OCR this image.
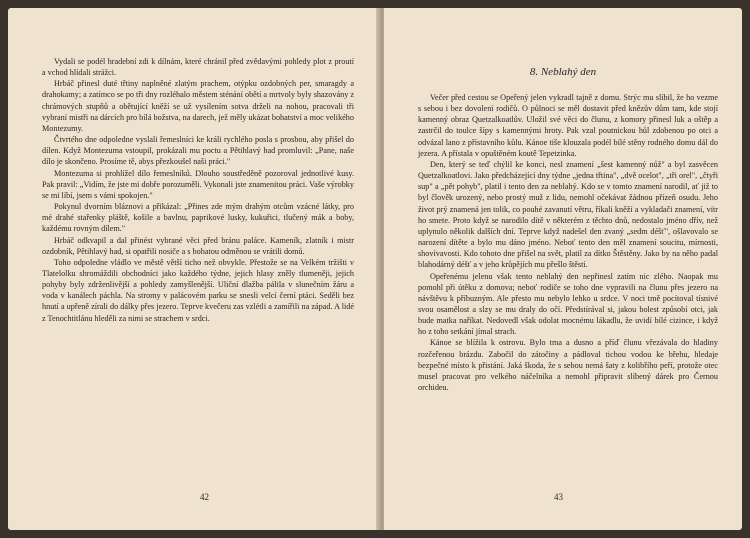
Vydali se podél hradební zdi k dílnám, které chránil před zvědavými pohledy plot z proutí a vchod hlídali strážci.

Hrbáč přinesl duté třtiny naplněné zlatým prachem, otýpku ozdobných per, smaragdy a drahokamy; a zatímco se po tři dny rozléhalo městem sténání obětí a mrtvoly byly shazovány z chrámových stupňů a obětující kněží se už vysílením sotva drželi na nohou, pracovali tři vybraní mistři na dárcích pro bílá božstva, na darech, jež měly ukázat bohatství a moc velikého Montezumy.

Čtvrtého dne odpoledne vyslali řemeslníci ke králi rychlého posla s prosbou, aby přišel do dílen. Když Montezuma vstoupil, prokázali mu poctu a Pětihlavý had promluvil: „Pane, naše dílo je skončeno. Prosíme tě, abys přezkoušel naši práci."

Montezuma si prohlížel dílo řemeslníků. Dlouho soustředěně pozoroval jednotlivé kusy. Pak pravil: „Vidím, že jste mi dobře porozuměli. Vykonali jste znamenitou práci. Vaše výrobky se mi líbí, jsem s vámi spokojen."

Pokynul dvorním bláznovi a přikázal: „Přines zde mým drahým otcům vzácné látky, pro mé drahé stařenky pláště, košile a bavlnu, paprikové lusky, kukuřici, tlučený mák a boby, každému rovným dílem."

Hrbáč odkvapil a dal přinést vybrané věci před bránu paláce. Kameník, zlatník i mistr ozdobník, Pětihlavý had, si opatřili nosiče a s bohatou odměnou se vrátili domů.

Toho odpoledne vládlo ve městě větší ticho než obvykle. Přestože se na Velkém tržišti v Tlatelolku shromáždili obchodníci jako každého týdne, jejich hlasy zněly tlumeněji, jejich pohyby byly zdrženlivější a pohledy zamyšlenější. Uliční dlažba pálila v slunečním žáru a voda v kanálech páchla. Na stromy v palácovém parku se snesli velcí černí ptáci. Seděli bez hnutí a upřeně zírali do dálky přes jezero. Teprve kvečeru zas vzlétli a zamířili na západ. A lidé z Tenochtitlánu hleděli za nimi se strachem v srdci.

42
8. Neblahý den

Večer před cestou se Opeřený jelen vykradl tajně z domu. Strýc mu slíbil, že ho vezme s sebou i bez dovolení rodičů. O půlnoci se měl dostavit před knězův dům tam, kde stojí kamenný obraz Quetzalkoatlův. Uložil své věci do člunu, z komory přinesl luk a oštěp a zastrčil do toulce šípy s kamennými hroty. Pak vzal poutnickou hůl zdobenou po otci a odvázal lano z přístavního kůlu. Kánoe tiše klouzala podél bílé stěny rodného domu dál do jezera. A přístala v opuštěném koutě Tepetzinka.

Den, který se teď chýlil ke konci, nesl znamení „šest kamenný nůž" a byl zasvěcen Quetzalkoatlovi. Jako předcházející dny týdne „jedna třtina", „dvě ocelot", „tři orel", „čtyři sup" a „pět pohyb", platil i tento den za neblahý. Kdo se v tomto znamení narodil, ať již to byl člověk urozený, nebo prostý muž z lidu, nemohl očekávat žádnou přízeň osudu. Jeho život prý znamená jen tolik, co pouhé zavanutí větru, říkali kněží a vykladači znamení, vítr ho smete. Proto když se narodilo dítě v některém z těchto dnů, nedostalo jméno dřív, než uplynulo několik dalších dní. Teprve když nadešel den zvaný „sedm déšť", ošlavovalo se narození dítěte a bylo mu dáno jméno. Neboť tento den měl znamení soucitu, mírnosti, shovívavosti. Kdo tohoto dne přišel na svět, platil za dítko Štěstěny. Jako by na něho padal blahodárný déšť a v jeho krůpějích mu přešlo štěstí.

Opeřenému jelenu však tento neblahý den nepřinesl zatím nic zlého. Naopak mu pomohl při útěku z domova; neboť rodiče se toho dne vypravili na člunu přes jezero na návštěvu k příbuzným. Ale přesto mu nebylo lehko u srdce. V noci tmě pocítoval tísnivé svou osamělost a slzy se mu draly do očí. Předstírával si, jakou bolest způsobí otci, jak bude matka naříkat. Nedovedl však odolat mocnému lákadlu, že uvidí bílé cizince, i když ho z toho setkání jímal strach.

Kánoe se blížila k ostrovu. Bylo tma a dusno a příď člunu vřezávala do hladiny rozčeřenou brázdu. Zabočil do zátočiny a pádloval tichou vodou ke břehu, hledaje bezpečné místo k přistání. Jaká škoda, že s sebou nemá šaty z kolibřího peří, protože otec musel pracovat pro velkého náčelníka a nemohl připravit slíbený dárek pro Černou orchideu.

43
